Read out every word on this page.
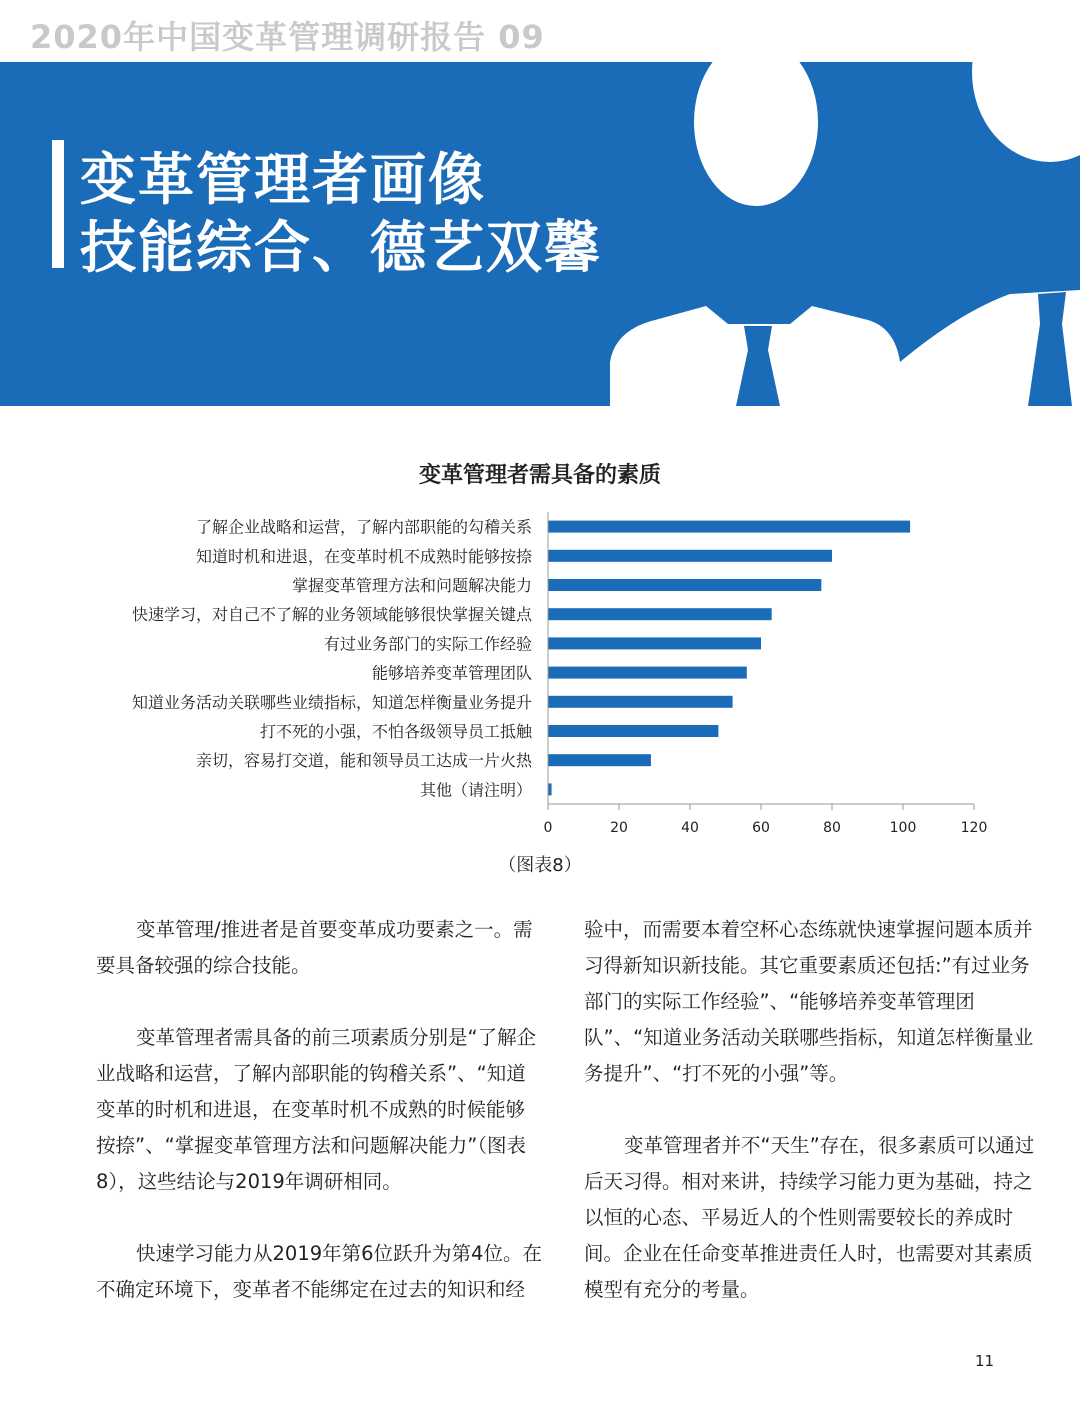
2020年中国变革管理调研报告 09
变革管理者画像
技能综合、德艺双馨
变革管理者需具备的素质
了解企业战略和运营，了解内部职能的勾稽关系
知道时机和进退，在变革时机不成熟时能够按捺
掌握变革管理方法和问题解决能力
快速学习，对自己不了解的业务领域能够很快掌握关键点
有过业务部门的实际工作经验
能够培养变革管理团队
知道业务活动关联哪些业绩指标，知道怎样衡量业务提升
打不死的小强，不怕各级领导员工抵触
亲切，容易打交道，能和领导员工达成一片火热
其他（请注明）
0	20	40	60	80	100	120
（图表8）

变革管理/推进者是首要变革成功要素之一。需要具备较强的综合技能。

变革管理者需具备的前三项素质分别是“了解企业战略和运营，了解内部职能的钩稽关系”、“知道变革的时机和进退，在变革时机不成熟的时候能够按捺”、“掌握变革管理方法和问题解决能力”（图表8），这些结论与2019年调研相同。

快速学习能力从2019年第6位跃升为第4位。在不确定环境下，变革者不能绑定在过去的知识和经

验中，而需要本着空杯心态练就快速掌握问题本质并习得新知识新技能。其它重要素质还包括:”有过业务部门的实际工作经验”、“能够培养变革管理团队”、“知道业务活动关联哪些指标，知道怎样衡量业务提升”、“打不死的小强”等。

变革管理者并不“天生”存在，很多素质可以通过后天习得。相对来讲，持续学习能力更为基础，持之以恒的心态、平易近人的个性则需要较长的养成时间。企业在任命变革推进责任人时，也需要对其素质模型有充分的考量。

11
